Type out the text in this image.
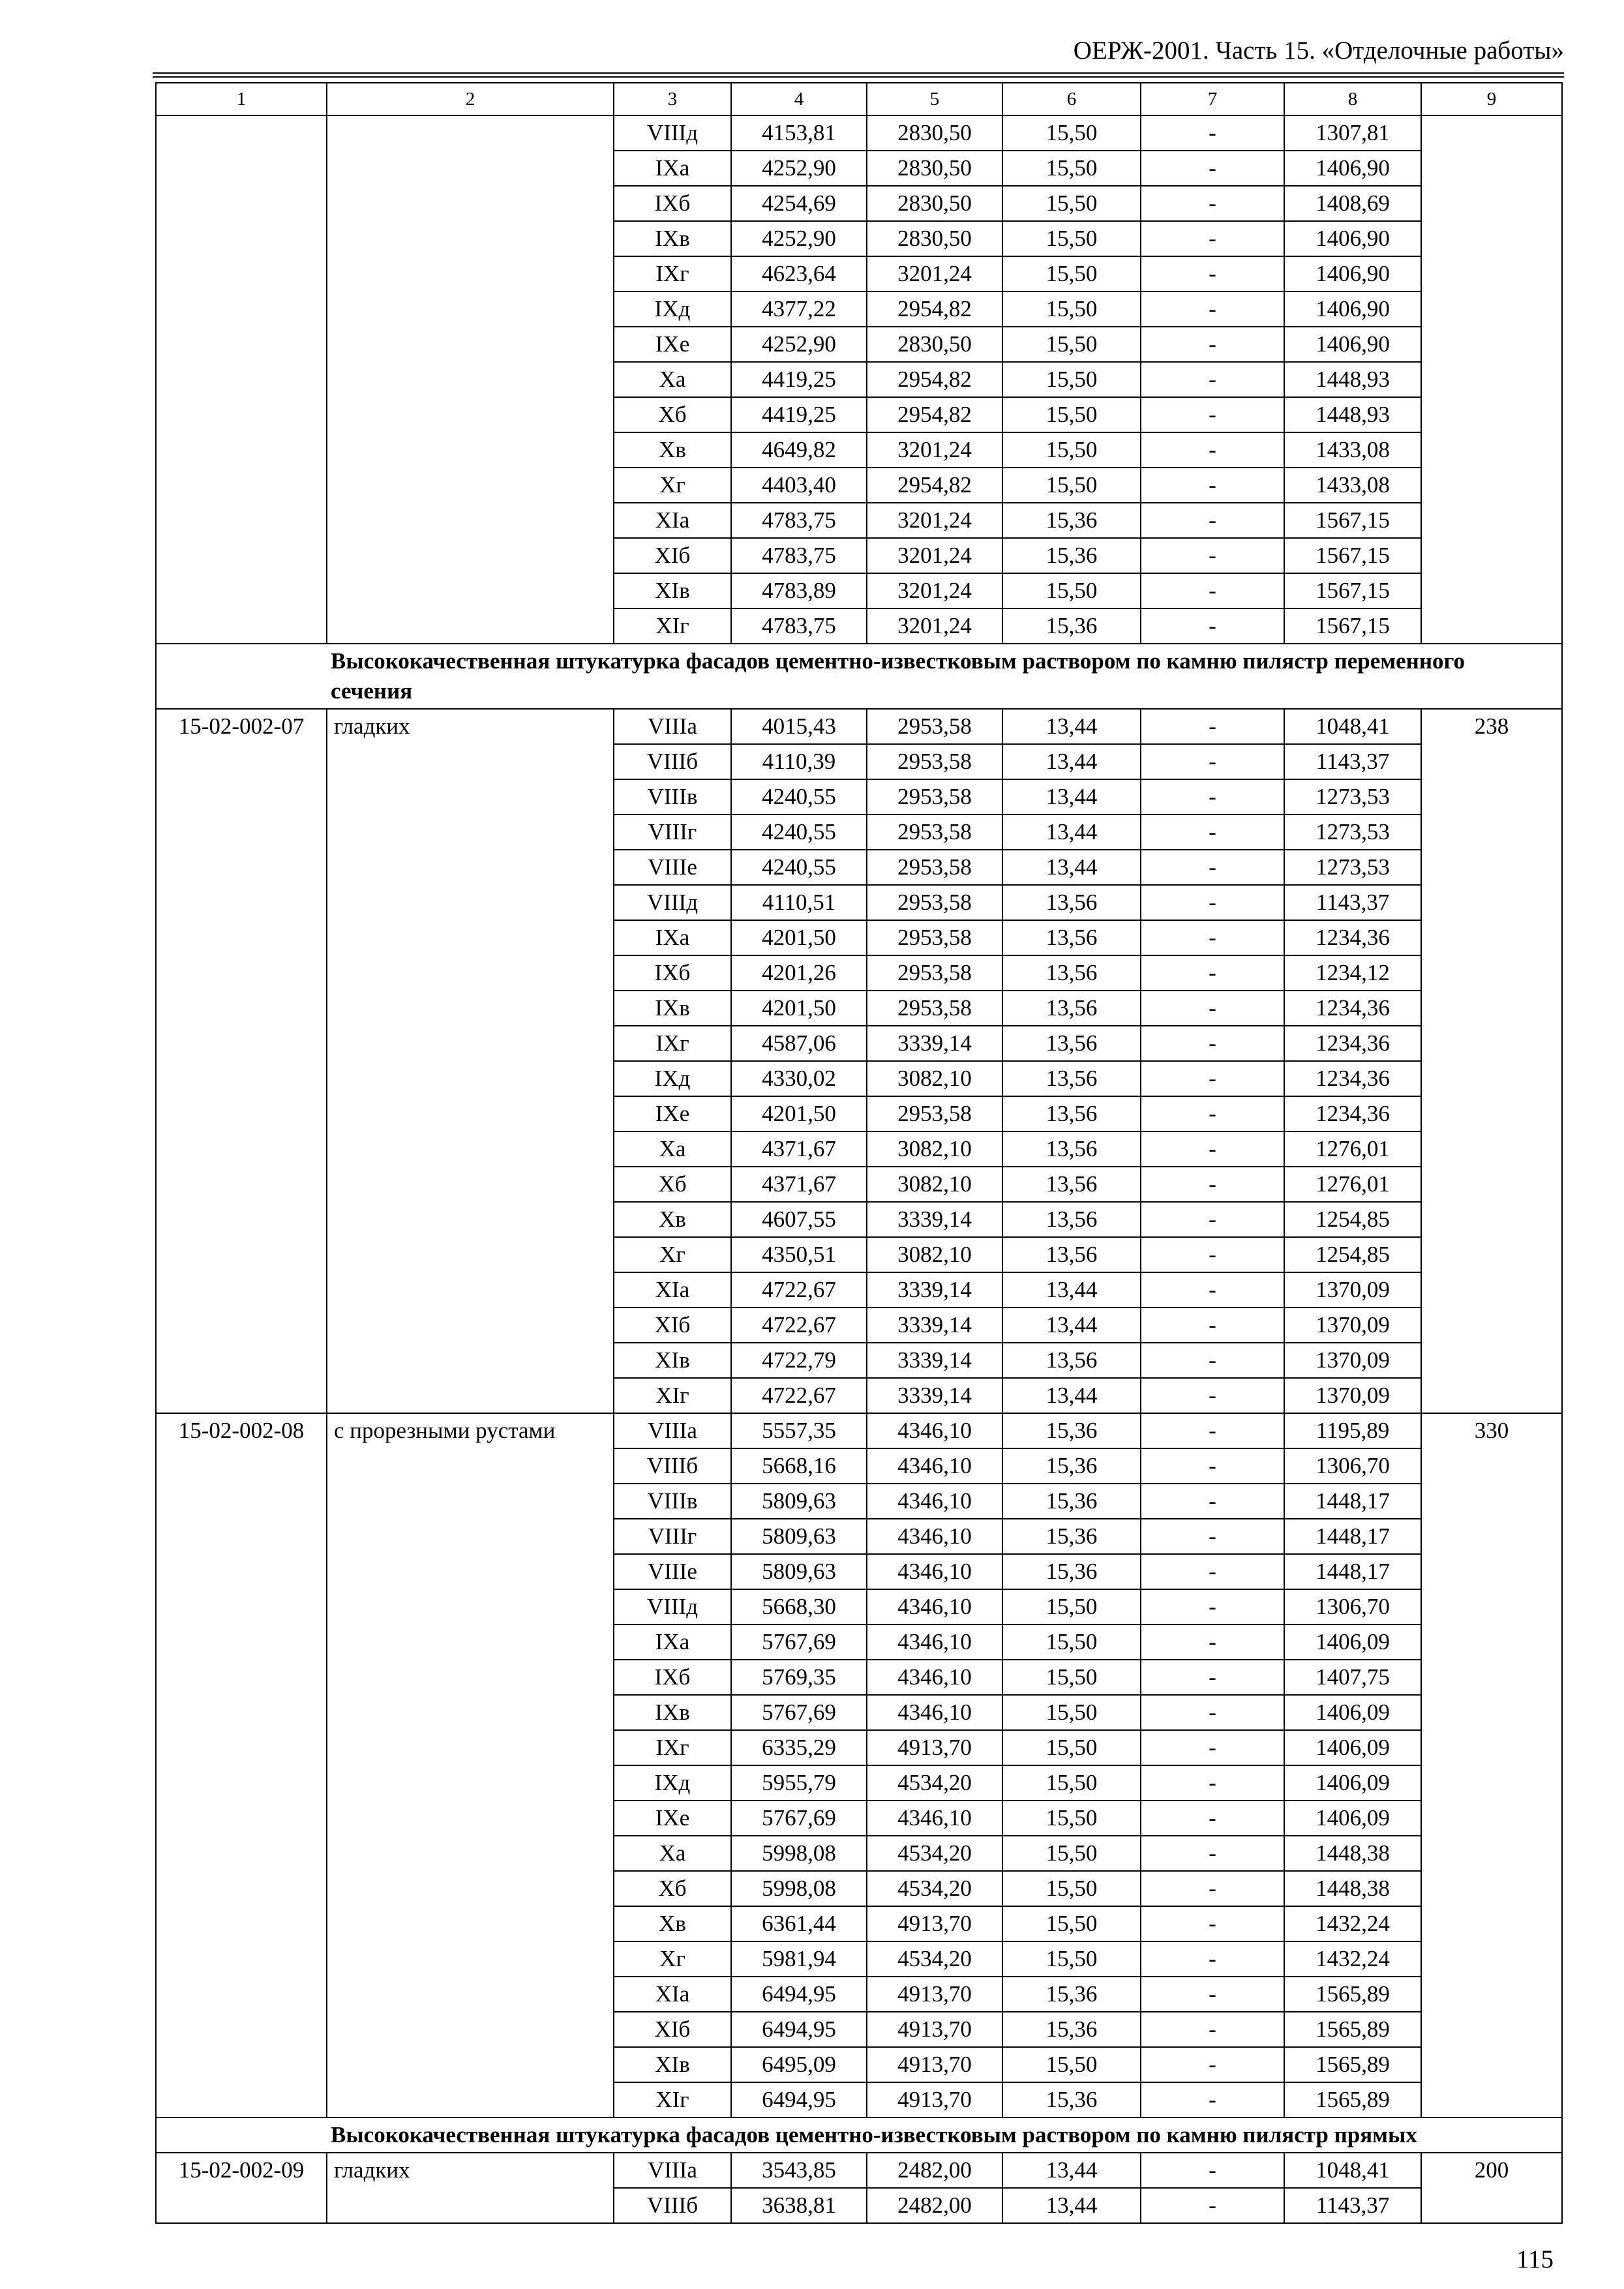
ОЕРЖ-2001. Часть 15. «Отделочные работы»
1	2	3	4	5	6	7	8	9
		VIIIд	4153,81	2830,50	15,50	-	1307,81	
		IXа	4252,90	2830,50	15,50	-	1406,90	
		IXб	4254,69	2830,50	15,50	-	1408,69	
		IXв	4252,90	2830,50	15,50	-	1406,90	
		IXг	4623,64	3201,24	15,50	-	1406,90	
		IXд	4377,22	2954,82	15,50	-	1406,90	
		IXе	4252,90	2830,50	15,50	-	1406,90	
		Xа	4419,25	2954,82	15,50	-	1448,93	
		Xб	4419,25	2954,82	15,50	-	1448,93	
		Xв	4649,82	3201,24	15,50	-	1433,08	
		Xг	4403,40	2954,82	15,50	-	1433,08	
		XIа	4783,75	3201,24	15,36	-	1567,15	
		XIб	4783,75	3201,24	15,36	-	1567,15	
		XIв	4783,89	3201,24	15,50	-	1567,15	
		XIг	4783,75	3201,24	15,36	-	1567,15	

Высококачественная штукатурка фасадов цементно-известковым раствором по камню пилястр переменного сечения								

15-02-002-07	гладких	VIIIа	4015,43	2953,58	13,44	-	1048,41	238
		VIIIб	4110,39	2953,58	13,44	-	1143,37	
		VIIIв	4240,55	2953,58	13,44	-	1273,53	
		VIIIг	4240,55	2953,58	13,44	-	1273,53	
		VIIIе	4240,55	2953,58	13,44	-	1273,53	
		VIIIд	4110,51	2953,58	13,56	-	1143,37	
		IXа	4201,50	2953,58	13,56	-	1234,36	
		IXб	4201,26	2953,58	13,56	-	1234,12	
		IXв	4201,50	2953,58	13,56	-	1234,36	
		IXг	4587,06	3339,14	13,56	-	1234,36	
		IXд	4330,02	3082,10	13,56	-	1234,36	
		IXе	4201,50	2953,58	13,56	-	1234,36	
		Xа	4371,67	3082,10	13,56	-	1276,01	
		Xб	4371,67	3082,10	13,56	-	1276,01	
		Xв	4607,55	3339,14	13,56	-	1254,85	
		Xг	4350,51	3082,10	13,56	-	1254,85	
		XIа	4722,67	3339,14	13,44	-	1370,09	
		XIб	4722,67	3339,14	13,44	-	1370,09	
		XIв	4722,79	3339,14	13,56	-	1370,09	
		XIг	4722,67	3339,14	13,44	-	1370,09	
15-02-002-08	с прорезными рустами	VIIIа	5557,35	4346,10	15,36	-	1195,89	330
		VIIIб	5668,16	4346,10	15,36	-	1306,70	
		VIIIв	5809,63	4346,10	15,36	-	1448,17	
		VIIIг	5809,63	4346,10	15,36	-	1448,17	
		VIIIе	5809,63	4346,10	15,36	-	1448,17	
		VIIIд	5668,30	4346,10	15,50	-	1306,70	
		IXа	5767,69	4346,10	15,50	-	1406,09	
		IXб	5769,35	4346,10	15,50	-	1407,75	
		IXв	5767,69	4346,10	15,50	-	1406,09	
		IXг	6335,29	4913,70	15,50	-	1406,09	
		IXд	5955,79	4534,20	15,50	-	1406,09	
		IXе	5767,69	4346,10	15,50	-	1406,09	
		Xа	5998,08	4534,20	15,50	-	1448,38	
		Xб	5998,08	4534,20	15,50	-	1448,38	
		Xв	6361,44	4913,70	15,50	-	1432,24	
		Xг	5981,94	4534,20	15,50	-	1432,24	
		XIа	6494,95	4913,70	15,36	-	1565,89	
		XIб	6494,95	4913,70	15,36	-	1565,89	
		XIв	6495,09	4913,70	15,50	-	1565,89	
		XIг	6494,95	4913,70	15,36	-	1565,89	

Высококачественная штукатурка фасадов цементно-известковым раствором по камню пилястр прямых								

15-02-002-09	гладких	VIIIа	3543,85	2482,00	13,44	-	1048,41	200
		VIIIб	3638,81	2482,00	13,44	-	1143,37	
115
